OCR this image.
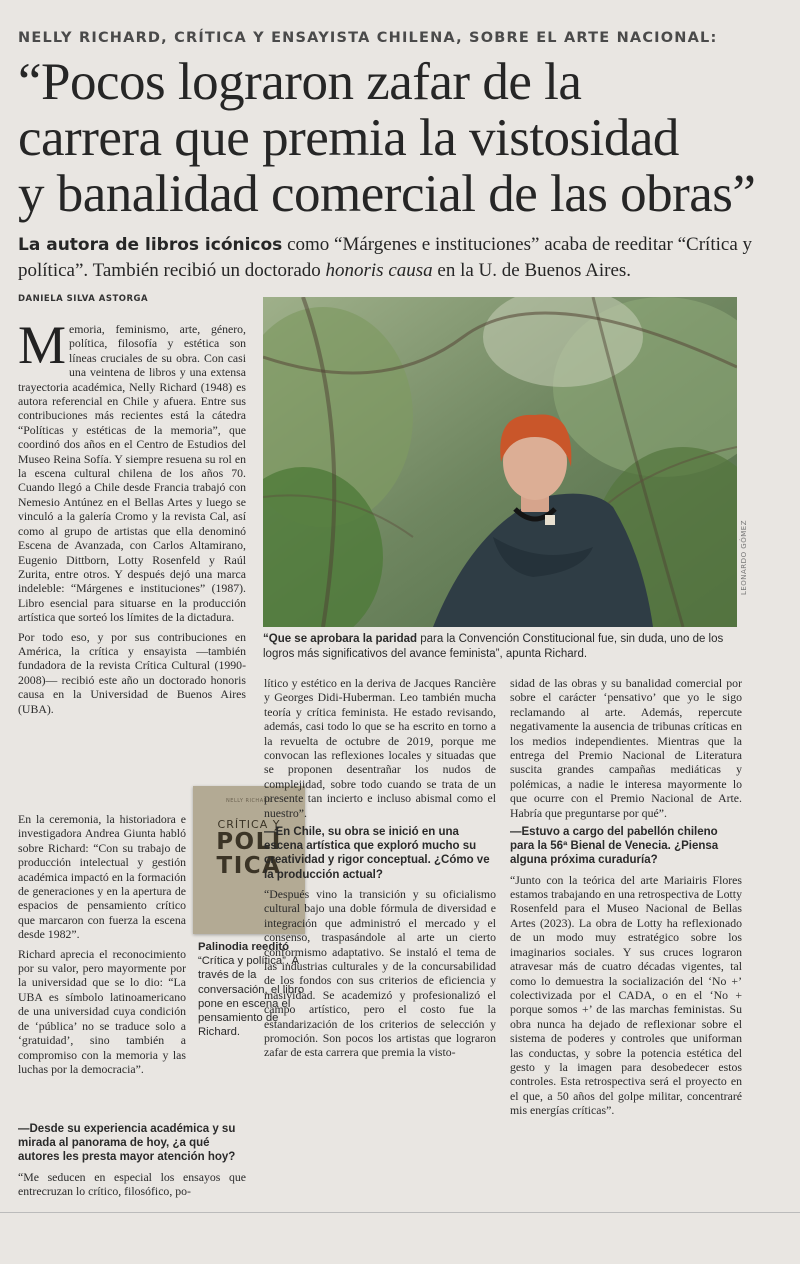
NELLY RICHARD, CRÍTICA Y ENSAYISTA CHILENA, SOBRE EL ARTE NACIONAL:
“Pocos lograron zafar de la
carrera que premia la vistosidad
y banalidad comercial de las obras”
La autora de libros icónicos como “Márgenes e instituciones” acaba de reeditar “Crítica y política”. También recibió un doctorado honoris causa en la U. de Buenos Aires.
DANIELA SILVA ASTORGA
LEONARDO GÓMEZ
“Que se aprobara la paridad para la Convención Constitucional fue, sin duda, uno de los logros más significativos del avance feminista”, apunta Richard.

Memoria, feminismo, arte, género, política, filosofía y estética son líneas cruciales de su obra. Con casi una veintena de libros y una extensa trayectoria académica, Nelly Richard (1948) es autora referencial en Chile y afuera. Entre sus contribuciones más recientes está la cátedra “Políticas y estéticas de la memoria”, que coordinó dos años en el Centro de Estudios del Museo Reina Sofía. Y siempre resuena su rol en la escena cultural chilena de los años 70. Cuando llegó a Chile desde Francia trabajó con Nemesio Antúnez en el Bellas Artes y luego se vinculó a la galería Cromo y la revista Cal, así como al grupo de artistas que ella denominó Escena de Avanzada, con Carlos Altamirano, Eugenio Dittborn, Lotty Rosenfeld y Raúl Zurita, entre otros. Y después dejó una marca indeleble: “Márgenes e instituciones” (1987). Libro esencial para situarse en la producción artística que sorteó los límites de la dictadura.

Por todo eso, y por sus contribuciones en América, la crítica y ensayista —también fundadora de la revista Crítica Cultural (1990-2008)— recibió este año un doctorado honoris causa en la Universidad de Buenos Aires (UBA).

En la ceremonia, la historiadora e investigadora Andrea Giunta habló sobre Richard: “Con su trabajo de producción intelectual y gestión académica impactó en la formación de generaciones y en la apertura de espacios de pensamiento crítico que marcaron con fuerza la escena desde 1982”.

Richard aprecia el reconocimiento por su valor, pero mayormente por la universidad que se lo dio: “La UBA es símbolo latinoamericano de una universidad cuya condición de ‘pública’ no se traduce solo a ‘gratuidad’, sino también a compromiso con la memoria y las luchas por la democracia”.

—Desde su experiencia académica y su mirada al panorama de hoy, ¿a qué autores les presta mayor atención hoy?

“Me seducen en especial los ensayos que entrecruzan lo crítico, filosófico, po-

NELLY RICHARD
CRÍTICA Y
POLÍ
TICA
Palinodia reeditó “Crítica y política”. A través de la conversación, el libro pone en escena el pensamiento de Richard.

lítico y estético en la deriva de Jacques Rancière y Georges Didi-Huberman. Leo también mucha teoría y crítica feminista. He estado revisando, además, casi todo lo que se ha escrito en torno a la revuelta de octubre de 2019, porque me convocan las reflexiones locales y situadas que se proponen desentrañar los nudos de complejidad, sobre todo cuando se trata de un presente tan incierto e incluso abismal como el nuestro”.

—En Chile, su obra se inició en una escena artística que exploró mucho su creatividad y rigor conceptual. ¿Cómo ve la producción actual?

“Después vino la transición y su oficialismo cultural bajo una doble fórmula de diversidad e integración que administró el mercado y el consenso, traspasándole al arte un cierto conformismo adaptativo. Se instaló el tema de las industrias culturales y de la concursabilidad de los fondos con sus criterios de eficiencia y masividad. Se academizó y profesionalizó el campo artístico, pero el costo fue la estandarización de los criterios de selección y promoción. Son pocos los artistas que lograron zafar de esta carrera que premia la visto-

sidad de las obras y su banalidad comercial por sobre el carácter ‘pensativo’ que yo le sigo reclamando al arte. Además, repercute negativamente la ausencia de tribunas críticas en los medios independientes. Mientras que la entrega del Premio Nacional de Literatura suscita grandes campañas mediáticas y polémicas, a nadie le interesa mayormente lo que ocurre con el Premio Nacional de Arte. Habría que preguntarse por qué”.

—Estuvo a cargo del pabellón chileno para la 56ª Bienal de Venecia. ¿Piensa alguna próxima curaduría?

“Junto con la teórica del arte Mariairis Flores estamos trabajando en una retrospectiva de Lotty Rosenfeld para el Museo Nacional de Bellas Artes (2023). La obra de Lotty ha reflexionado de un modo muy estratégico sobre los imaginarios sociales. Y sus cruces lograron atravesar más de cuatro décadas vigentes, tal como lo demuestra la socialización del ‘No +’ colectivizada por el CADA, o en el ‘No + porque somos +’ de las marchas feministas. Su obra nunca ha dejado de reflexionar sobre el sistema de poderes y controles que uniforman las conductas, y sobre la potencia estética del gesto y la imagen para desobedecer estos controles. Esta retrospectiva será el proyecto en el que, a 50 años del golpe militar, concentraré mis energías críticas”.
